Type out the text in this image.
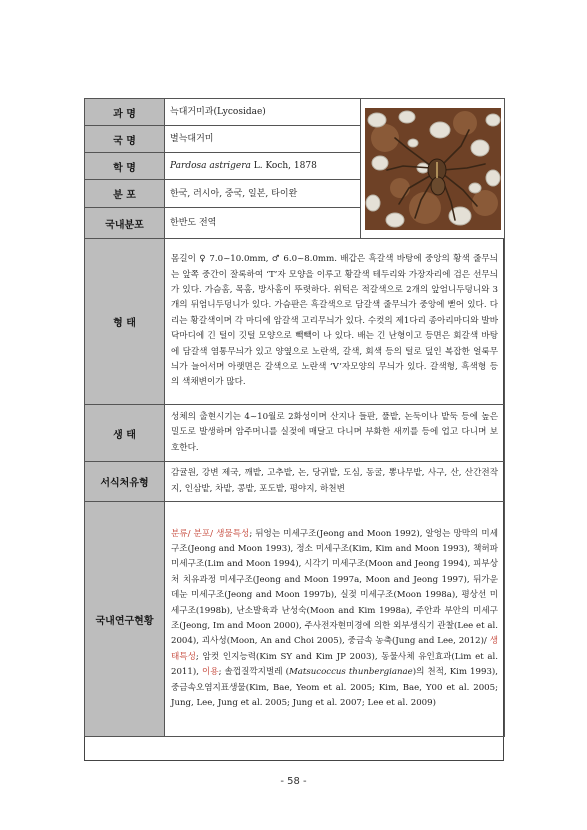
과 명	늑대거미과(Lycosidae)	

국 명	별늑대거미	
학 명	Pardosa astrigera L. Koch, 1878	
분 포	한국, 러시아, 중국, 일본, 타이완	
국내분포	한반도 전역	
형 태	몸길이 ♀ 7.0~10.0mm, ♂ 6.0~8.0mm. 배갑은 흑갈색 바탕에 중앙의 황색 줄무늬는 앞쪽 중간이 잘록하여 ‘T’자 모양을 이루고 황갈색 테두리와 가장자리에 검은 선무늬가 있다. 가슴홈, 목홈, 방사홈이 뚜렷하다. 위턱은 적갈색으로 2개의 앞엄니두덩니와 3개의 뒤엄니두덩니가 있다. 가슴판은 흑갈색으로 담갈색 줄무늬가 중앙에 뻗어 있다. 다리는 황갈색이며 각 마디에 암갈색 고리무늬가 있다. 수컷의 제1다리 종아리마디와 발바닥마디에 긴 털이 깃털 모양으로 빽빽이 나 있다. 배는 긴 난형이고 등면은 회갈색 바탕에 담갈색 염통무늬가 있고 양옆으로 노란색, 갈색, 회색 등의 털로 덮인 복잡한 얼룩무늬가 늘어서며 아랫면은 갈색으로 노란색 ‘V’자모양의 무늬가 있다. 갈색형, 흑색형 등의 색채변이가 많다.	
생 태	성체의 출현시기는 4~10월로 2화성이며 산지나 들판, 풀밭, 논둑이나 밭둑 등에 높은 밀도로 발생하며 암주머니를 실젖에 매달고 다니며 부화한 새끼를 등에 업고 다니며 보호한다.	
서식처유형	감귤원, 강변 제국, 깨밭, 고추밭, 논, 당귀밭, 도심, 동굴, 뽕나무밭, 사구, 산, 산간전작지, 인삼밭, 차밭, 콩밭, 포도밭, 평야지, 하천변	
국내연구현황	분류/ 분포/ 생물특성; 뒤엉는 미세구조(Jeong and Moon 1992), 알엉는 망막의 미세구조(Jeong and Moon 1993), 정소 미세구조(Kim, Kim and Moon 1993), 책허파 미세구조(Lim and Moon 1994), 시각기 미세구조(Moon and Jeong 1994), 피부상처 치유과정 미세구조(Jeong and Moon 1997a, Moon and Jeong 1997), 뒤가운데눈 미세구조(Jeong and Moon 1997b), 실젖 미세구조(Moon 1998a), 평상선 미세구조(1998b), 난소발육과 난성숙(Moon and Kim 1998a), 주안과 부안의 미세구조(Jeong, Im and Moon 2000), 주사전자현미경에 의한 외부생식기 관찰(Lee et al. 2004), 괴사성(Moon, An and Choi 2005), 중금속 농축(Jung and Lee, 2012)/ 생태특성; 암컷 인지능력(Kim SY and Kim JP 2003), 동물사체 유인효과(Lim et al. 2011), 이용; 솔껍질깍지벌레 (Matsucoccus thunbergianae)의 천적, Kim 1993), 중금속오염지표생물(Kim, Bae, Yeom et al. 2005; Kim, Bae, Y00 et al. 2005; Jung, Lee, Jung et al. 2005; Jung et al. 2007; Lee et al. 2009)	
- 58 -
